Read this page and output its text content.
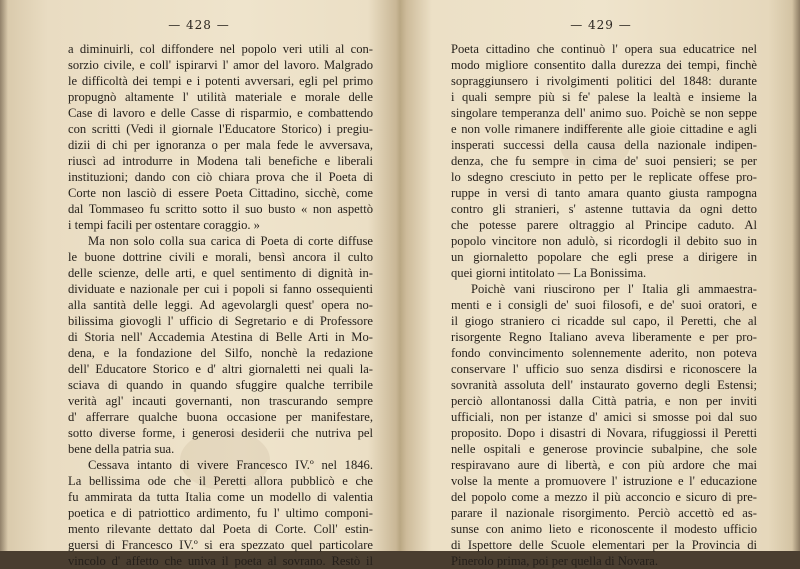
— 428 —
a diminuirli, col diffondere nel popolo veri utili al con-
sorzio civile, e coll' ispirarvi l' amor del lavoro. Malgrado
le difficoltà dei tempi e i potenti avversari, egli pel primo
propugnò altamente l' utilità materiale e morale delle
Case di lavoro e delle Casse di risparmio, e combattendo
con scritti (Vedi il giornale l'Educatore Storico) i pregiu-
dizii di chi per ignoranza o per mala fede le avversava,
riuscì ad introdurre in Modena tali benefiche e liberali
instituzioni; dando con ciò chiara prova che il Poeta di
Corte non lasciò di essere Poeta Cittadino, sicchè, come
dal Tommaseo fu scritto sotto il suo busto « non aspettò
i tempi facili per ostentare coraggio. »
Ma non solo colla sua carica di Poeta di corte diffuse
le buone dottrine civili e morali, bensì ancora il culto
delle scienze, delle arti, e quel sentimento di dignità in-
dividuate e nazionale per cui i popoli si fanno ossequienti
alla santità delle leggi. Ad agevolargli quest' opera no-
bilissima giovogli l' ufficio di Segretario e di Professore
di Storia nell' Accademia Atestina di Belle Arti in Mo-
dena, e la fondazione del Silfo, nonchè la redazione
dell' Educatore Storico e d' altri giornaletti nei quali la-
sciava di quando in quando sfuggire qualche terribile
verità agl' incauti governanti, non trascurando sempre
d' afferrare qualche buona occasione per manifestare,
sotto diverse forme, i generosi desiderii che nutriva pel
bene della patria sua.
Cessava intanto di vivere Francesco IV.º nel 1846.
La bellissima ode che il Peretti allora pubblicò e che
fu ammirata da tutta Italia come un modello di valentia
poetica e di patriottico ardimento, fu l' ultimo componi-
mento rilevante dettato dal Poeta di Corte. Coll' estin-
guersi di Francesco IV.º si era spezzato quel particolare
vincolo d' affetto che univa il poeta al sovrano. Restò il
— 429 —
Poeta cittadino che continuò l' opera sua educatrice nel
modo migliore consentito dalla durezza dei tempi, finchè
sopraggiunsero i rivolgimenti politici del 1848: durante
i quali sempre più si fe' palese la lealtà e insieme la
singolare temperanza dell' animo suo. Poichè se non seppe
e non volle rimanere indifferente alle gioie cittadine e agli
insperati successi della causa della nazionale indipen-
denza, che fu sempre in cima de' suoi pensieri; se per
lo sdegno cresciuto in petto per le replicate offese pro-
ruppe in versi di tanto amara quanto giusta rampogna
contro gli stranieri, s' astenne tuttavia da ogni detto
che potesse parere oltraggio al Principe caduto. Al
popolo vincitore non adulò, si ricordogli il debito suo in
un giornaletto popolare che egli prese a dirigere in
quei giorni intitolato — La Bonissima.
Poichè vani riuscirono per l' Italia gli ammaestra-
menti e i consigli de' suoi filosofi, e de' suoi oratori, e
il giogo straniero ci ricadde sul capo, il Peretti, che al
risorgente Regno Italiano aveva liberamente e per pro-
fondo convincimento solennemente aderito, non poteva
conservare l' ufficio suo senza disdirsi e riconoscere la
sovranità assoluta dell' instaurato governo degli Estensi;
perciò allontanossi dalla Città patria, e non per inviti
ufficiali, non per istanze d' amici si smosse poi dal suo
proposito. Dopo i disastri di Novara, rifuggiossi il Peretti
nelle ospitali e generose provincie subalpine, che sole
respiravano aure di libertà, e con più ardore che mai
volse la mente a promuovere l' istruzione e l' educazione
del popolo come a mezzo il più acconcio e sicuro di pre-
parare il nazionale risorgimento. Perciò accettò ed as-
sunse con animo lieto e riconoscente il modesto ufficio
di Ispettore delle Scuole elementari per la Provincia di
Pinerolo prima, poi per quella di Novara.
